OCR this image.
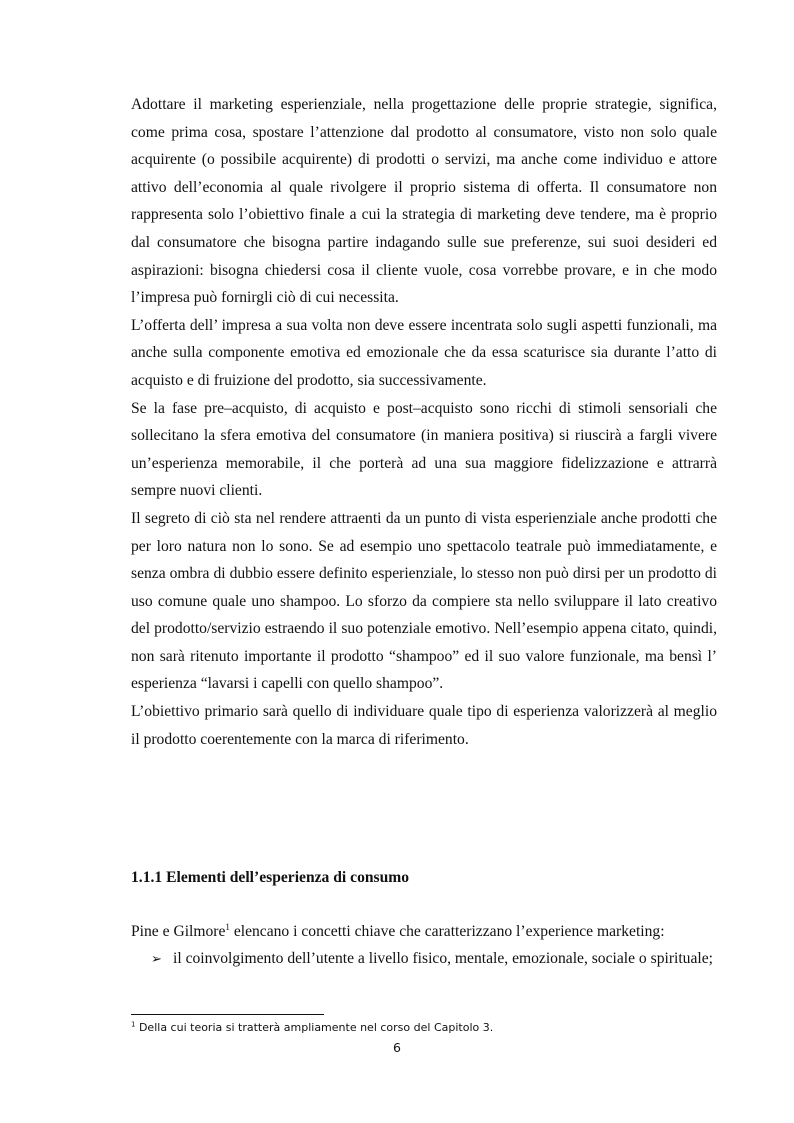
Adottare il marketing esperienziale, nella progettazione delle proprie strategie, significa, come prima cosa, spostare l’attenzione dal prodotto al consumatore, visto non solo quale acquirente (o possibile acquirente) di prodotti o servizi, ma anche come individuo e attore attivo dell’economia al quale rivolgere il proprio sistema di offerta. Il consumatore non rappresenta solo l’obiettivo finale a cui la strategia di marketing deve tendere, ma è proprio dal consumatore che bisogna partire indagando sulle sue preferenze, sui suoi desideri ed aspirazioni: bisogna chiedersi cosa il cliente vuole, cosa vorrebbe provare, e in che modo l’impresa può fornirgli ciò di cui necessita.

L’offerta dell’ impresa a sua volta non deve essere incentrata solo sugli aspetti funzionali, ma anche sulla componente emotiva ed emozionale che da essa scaturisce sia durante l’atto di acquisto e di fruizione del prodotto, sia successivamente.

Se la fase pre–acquisto, di acquisto e post–acquisto sono ricchi di stimoli sensoriali che sollecitano la sfera emotiva del consumatore (in maniera positiva) si riuscirà a fargli vivere un’esperienza memorabile, il che porterà ad una sua maggiore fidelizzazione e attrarrà sempre nuovi clienti.

Il segreto di ciò sta nel rendere attraenti da un punto di vista esperienziale anche prodotti che per loro natura non lo sono. Se ad esempio uno spettacolo teatrale può immediatamente, e senza ombra di dubbio essere definito esperienziale, lo stesso non può dirsi per un prodotto di uso comune quale uno shampoo. Lo sforzo da compiere sta nello sviluppare il lato creativo del prodotto/servizio estraendo il suo potenziale emotivo. Nell’esempio appena citato, quindi, non sarà ritenuto importante il prodotto “shampoo” ed il suo valore funzionale, ma bensì l’ esperienza “lavarsi i capelli con quello shampoo”.

L’obiettivo primario sarà quello di individuare quale tipo di esperienza valorizzerà al meglio il prodotto coerentemente con la marca di riferimento.

1.1.1 Elementi dell’esperienza di consumo

Pine e Gilmore$^1$ elencano i concetti chiave che caratterizzano l’experience marketing:

➢ il coinvolgimento dell’utente a livello fisico, mentale, emozionale, sociale o spirituale;

$^1$ Della cui teoria si tratterà ampliamente nel corso del Capitolo 3.

6
